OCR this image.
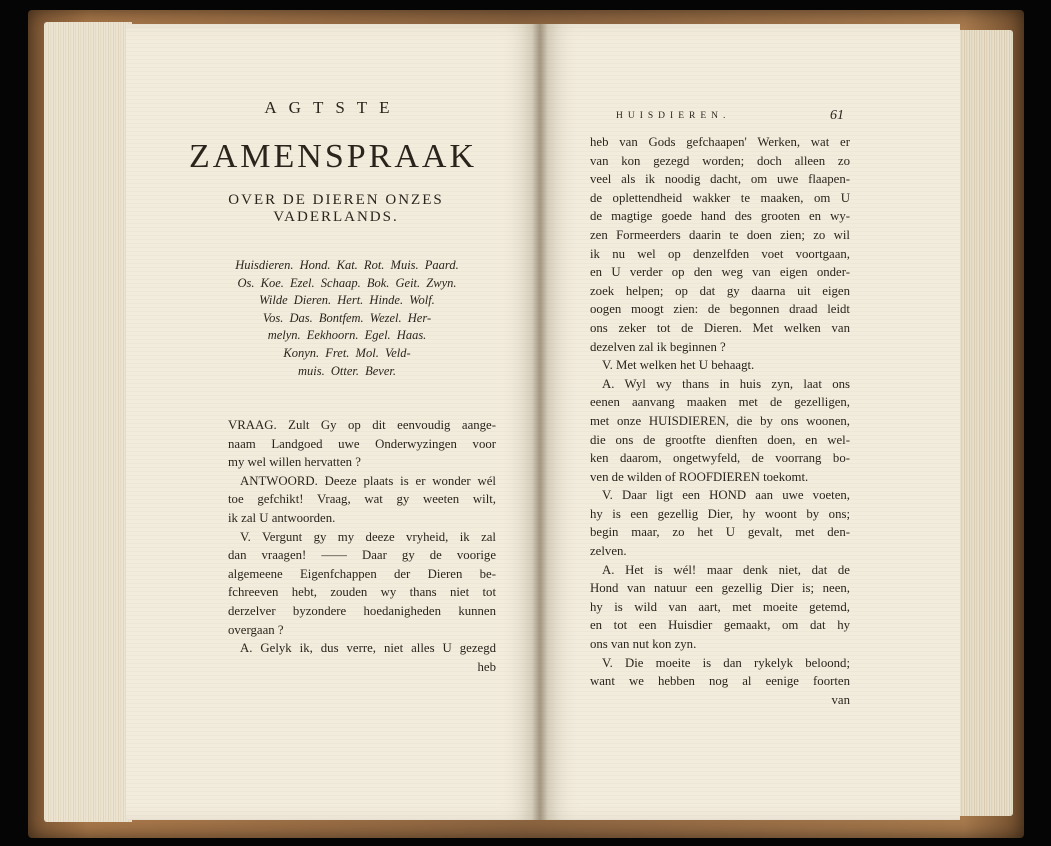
AGTSTE
ZAMENSPRAAK
OVER DE DIEREN ONZES
VADERLANDS.
Huisdieren. Hond. Kat. Rot. Muis. Paard.
Os. Koe. Ezel. Schaap. Bok. Geit. Zwyn.
Wilde Dieren. Hert. Hinde. Wolf.
Vos. Das. Bontfem. Wezel. Her-
melyn. Eekhoorn. Egel. Haas.
Konyn. Fret. Mol. Veld-
muis. Otter. Bever.
VRAAG. Zult Gy op dit eenvoudig aange-
naam Landgoed uwe Onderwyzingen voor
my wel willen hervatten ?
ANTWOORD. Deeze plaats is er wonder wél
toe gefchikt! Vraag, wat gy weeten wilt,
ik zal U antwoorden.
V. Vergunt gy my deeze vryheid, ik zal
dan vraagen! —— Daar gy de voorige
algemeene Eigenfchappen der Dieren be-
fchreeven hebt, zouden wy thans niet tot
derzelver byzondere hoedanigheden kunnen
overgaan ?
A. Gelyk ik, dus verre, niet alles U gezegd
heb
HUISDIEREN.	61
heb van Gods gefchaapen' Werken, wat er
van kon gezegd worden; doch alleen zo
veel als ik noodig dacht, om uwe flaapen-
de oplettendheid wakker te maaken, om U
de magtige goede hand des grooten en wy-
zen Formeerders daarin te doen zien; zo wil
ik nu wel op denzelfden voet voortgaan,
en U verder op den weg van eigen onder-
zoek helpen; op dat gy daarna uit eigen
oogen moogt zien: de begonnen draad leidt
ons zeker tot de Dieren. Met welken van
dezelven zal ik beginnen ?
V. Met welken het U behaagt.
A. Wyl wy thans in huis zyn, laat ons
eenen aanvang maaken met de gezelligen,
met onze HUISDIEREN, die by ons woonen,
die ons de grootfte dienften doen, en wel-
ken daarom, ongetwyfeld, de voorrang bo-
ven de wilden of ROOFDIEREN toekomt.
V. Daar ligt een HOND aan uwe voeten,
hy is een gezellig Dier, hy woont by ons;
begin maar, zo het U gevalt, met den-
zelven.
A. Het is wél! maar denk niet, dat de
Hond van natuur een gezellig Dier is; neen,
hy is wild van aart, met moeite getemd,
en tot een Huisdier gemaakt, om dat hy
ons van nut kon zyn.
V. Die moeite is dan rykelyk beloond;
want we hebben nog al eenige foorten
van
